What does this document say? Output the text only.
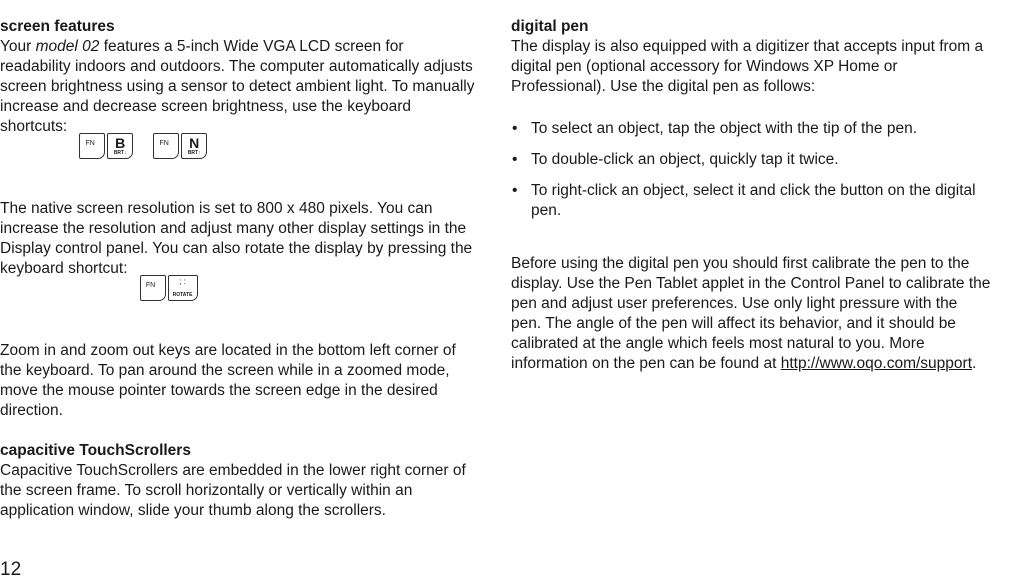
screen features

Your model 02 features a 5-inch Wide VGA LCD screen for readability indoors and outdoors. The computer automatically adjusts screen brightness using a sensor to detect ambient light. To manually increase and decrease screen brightness, use the keyboard shortcuts:
FN	B
BRT↓
FN	N
BRT↑

The native screen resolution is set to 800 x 480 pixels. You can increase the resolution and adjust many other display settings in the Display control panel. You can also rotate the display by pressing the keyboard shortcut:
FN	; :
ROTATE

Zoom in and zoom out keys are located in the bottom left corner of the keyboard. To pan around the screen while in a zoomed mode, move the mouse pointer towards the screen edge in the desired direction.

capacitive TouchScrollers

Capacitive TouchScrollers are embedded in the lower right corner of the screen frame. To scroll horizontally or vertically within an application window, slide your thumb along the scrollers.

digital pen

The display is also equipped with a digitizer that accepts input from a digital pen (optional accessory for Windows XP Home or Professional). Use the digital pen as follows:

• To select an object, tap the object with the tip of the pen.
• To double-click an object, quickly tap it twice.
• To right-click an object, select it and click the button on the digital pen.

Before using the digital pen you should first calibrate the pen to the display. Use the Pen Tablet applet in the Control Panel to calibrate the pen and adjust user preferences. Use only light pressure with the pen. The angle of the pen will affect its behavior, and it should be calibrated at the angle which feels most natural to you. More information on the pen can be found at http://www.oqo.com/support.

12
